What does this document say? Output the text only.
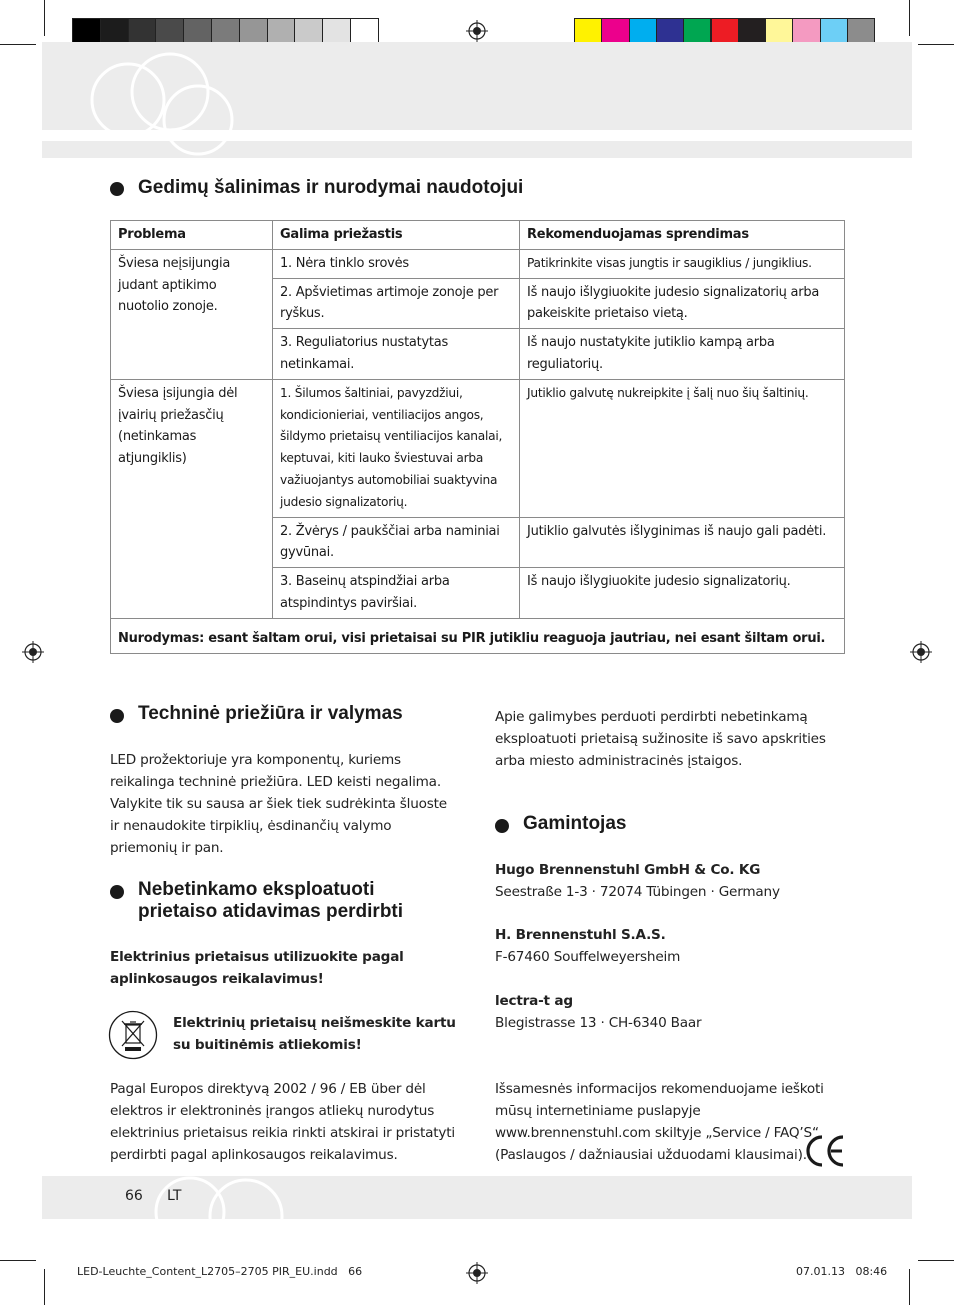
Gedimų šalinimas ir nurodymai naudotojui
Problema	Galima priežastis	Rekomenduojamas sprendimas
Šviesa neįsijungia judant aptikimo nuotolio zonoje.	1. Nėra tinklo srovės	Patikrinkite visas jungtis ir saugiklius / jungiklius.
	2. Apšvietimas artimoje zonoje per ryškus.	Iš naujo išlygiuokite judesio signalizatorių arba pakeiskite prietaiso vietą.
	3. Reguliatorius nustatytas netinkamai.	Iš naujo nustatykite jutiklio kampą arba reguliatorių.
Šviesa įsijungia dėl įvairių priežasčių (netinkamas atjungiklis)	1. Šilumos šaltiniai, pavyzdžiui, kondicionieriai, ventiliacijos angos, šildymo prietaisų ventiliacijos kanalai, keptuvai, kiti lauko šviestuvai arba važiuojantys automobiliai suaktyvina judesio signalizatorių.	Jutiklio galvutę nukreipkite į šalį nuo šių šaltinių.
	2. Žvėrys / paukščiai arba naminiai gyvūnai.	Jutiklio galvutės išlyginimas iš naujo gali padėti.
	3. Baseinų atspindžiai arba atspindintys paviršiai.	Iš naujo išlygiuokite judesio signalizatorių.
Nurodymas: esant šaltam orui, visi prietaisai su PIR jutikliu reaguoja jautriau, nei esant šiltam orui.		
Techninė priežiūra ir valymas
LED prožektoriuje yra komponentų, kuriems reikalinga techninė priežiūra. LED keisti negalima. Valykite tik su sausa ar šiek tiek sudrėkinta šluoste ir nenaudokite tirpiklių, ėsdinančių valymo priemonių ir pan.
Nebetinkamo eksploatuoti
prietaiso atidavimas perdirbti
Elektrinius prietaisus utilizuokite pagal aplinkosaugos reikalavimus!
Elektrinių prietaisų neišmeskite kartu su buitinėmis atliekomis!
Pagal Europos direktyvą 2002 / 96 / EB über dėl elektros ir elektroninės įrangos atliekų nurodytus elektrinius prietaisus reikia rinkti atskirai ir pristatyti perdirbti pagal aplinkosaugos reikalavimus.
Apie galimybes perduoti perdirbti nebetinkamą eksploatuoti prietaisą sužinosite iš savo apskrities arba miesto administracinės įstaigos.
Gamintojas
Hugo Brennenstuhl GmbH & Co. KG
Seestraße 1-3 · 72074 Tübingen · Germany
H. Brennenstuhl S.A.S.
F-67460 Souffelweyersheim
lectra-t ag
Blegistrasse 13 · CH-6340 Baar
Išsamesnės informacijos rekomenduojame ieškoti mūsų internetiniame puslapyje www.brennenstuhl.com skiltyje „Service / FAQ’S“ (Paslaugos / dažniausiai užduodami klausimai).
66 LT
LED-Leuchte_Content_L2705–2705 PIR_EU.indd   66	07.01.13   08:46
